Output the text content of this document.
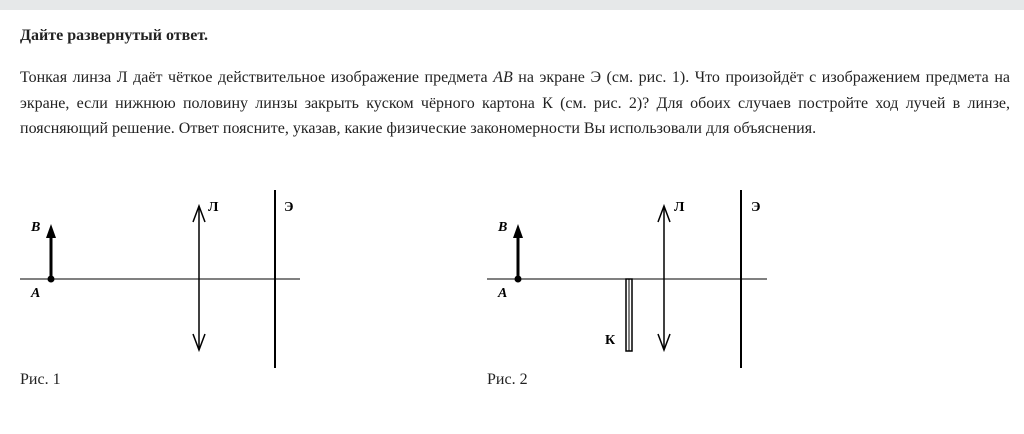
Дайте развернутый ответ.

Тонкая линза Л даёт чёткое действительное изображение предмета AB на экране Э (см. рис. 1). Что произойдёт с изображением предмета на экране, если нижнюю половину линзы закрыть куском чёрного картона К (см. рис. 2)? Для обоих случаев постройте ход лучей в линзе, поясняющий решение. Ответ поясните, указав, какие физические закономерности Вы использовали для объяснения.

B
A
Л	Э

Рис. 1

B
A
К
Л	Э

Рис. 2
